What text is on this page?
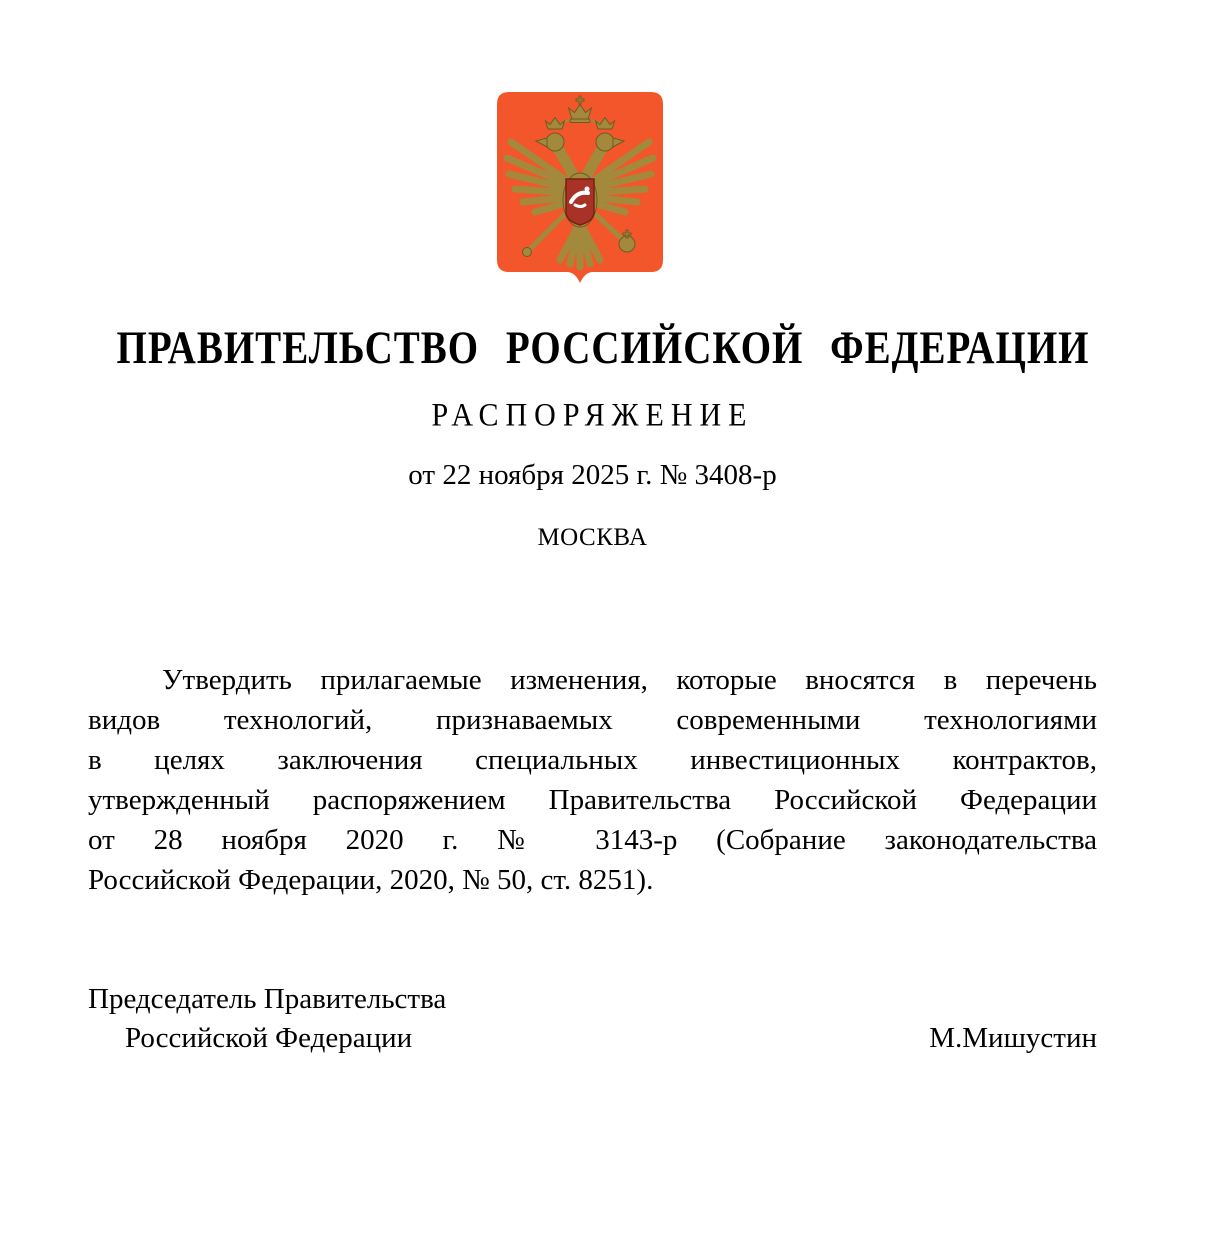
ПРАВИТЕЛЬСТВО РОССИЙСКОЙ ФЕДЕРАЦИИ
РАСПОРЯЖЕНИЕ
от 22 ноября 2025 г. № 3408-р
МОСКВА
Утвердить прилагаемые изменения, которые вносятся в перечень
видов технологий, признаваемых современными технологиями
в целях заключения специальных инвестиционных контрактов,
утвержденный распоряжением Правительства Российской Федерации
от 28 ноября 2020 г. № 3143-р (Собрание законодательства
Российской Федерации, 2020, № 50, ст. 8251).
Председатель Правительства
Российской Федерации	М.Мишустин
